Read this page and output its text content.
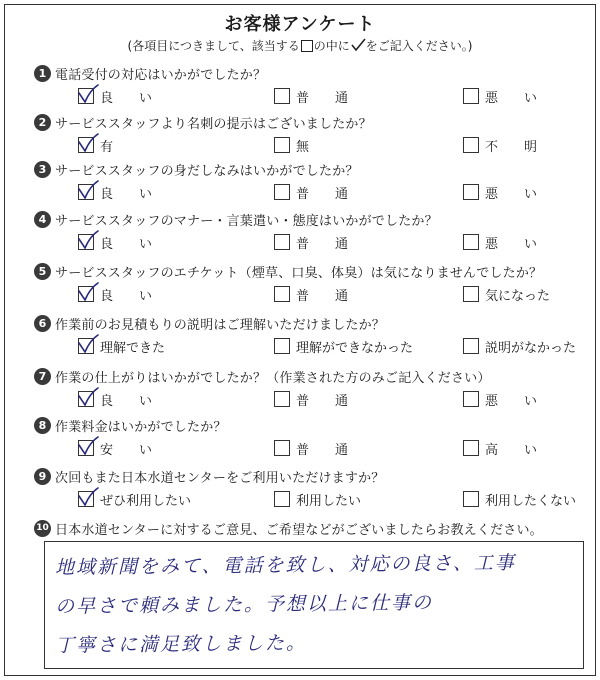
お客様アンケート
(各項目につきまして、該当する の中に をご記入ください。)
1 電話受付の対応はいかがでしたか？
良　　い	普　　通	悪　　い
2 サービススタッフより名刺の提示はございましたか？
有	無	不　　明
3 サービススタッフの身だしなみはいかがでしたか？
良　　い	普　　通	悪　　い
4 サービススタッフのマナー・言葉遣い・態度はいかがでしたか？
良　　い	普　　通	悪　　い
5 サービススタッフのエチケット（煙草、口臭、体臭）は気になりませんでしたか？
良　　い	普　　通	気になった
6 作業前のお見積もりの説明はご理解いただけましたか？
理解できた	理解ができなかった	説明がなかった
7 作業の仕上がりはいかがでしたか？（作業された方のみご記入ください）
良　　い	普　　通	悪　　い
8 作業料金はいかがでしたか？
安　　い	普　　通	高　　い
9 次回もまた日本水道センターをご利用いただけますか？
ぜひ利用したい	利用したい	利用したくない
10 日本水道センターに対するご意見、ご希望などがございましたらお教えください。
地域新聞をみて、電話を致し、対応の良さ、工事
の早さで頼みました。予想以上に仕事の
丁寧さに満足致しました。
